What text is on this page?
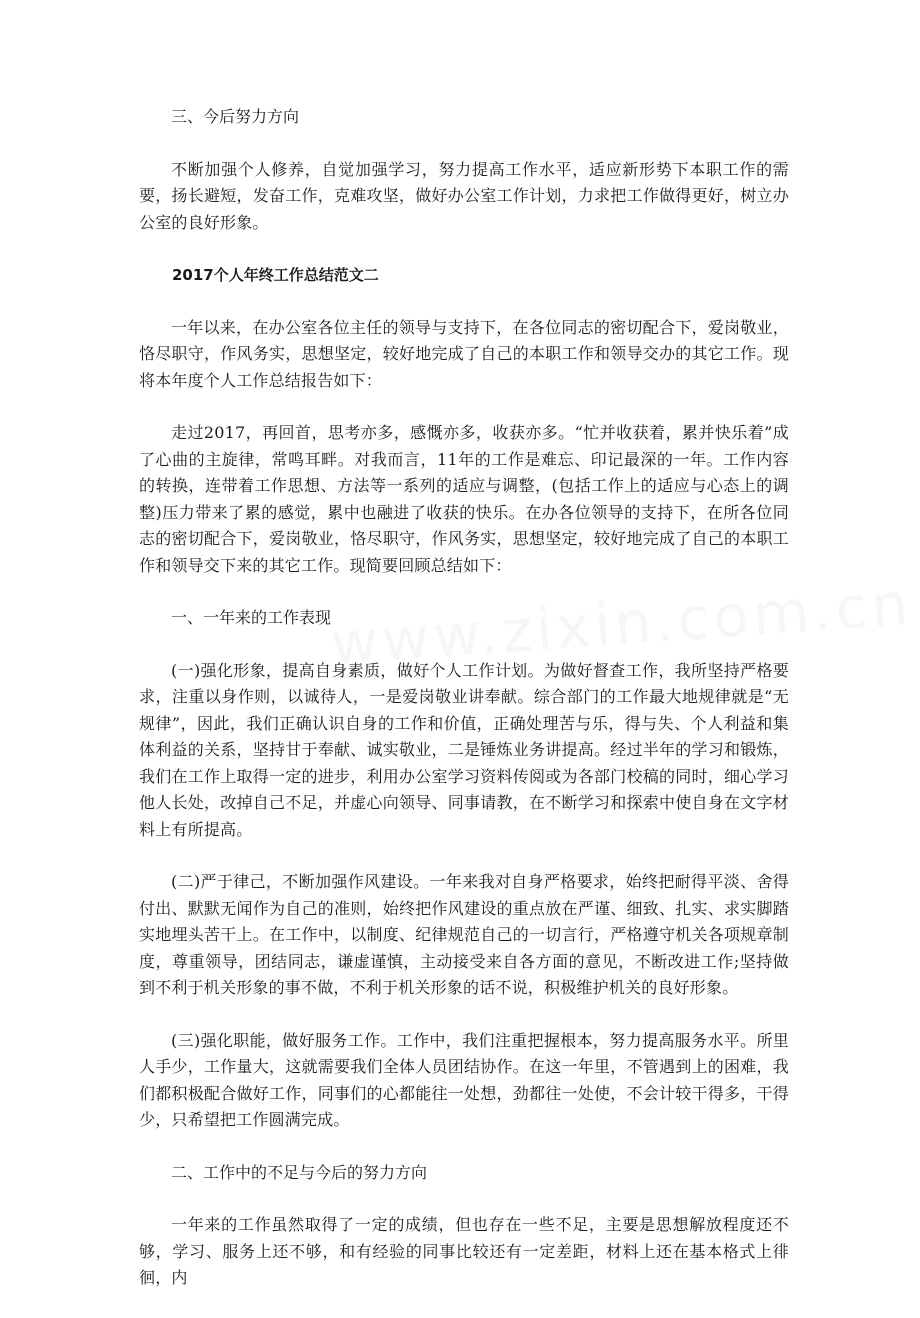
三、今后努力方向
不断加强个人修养，自觉加强学习，努力提高工作水平，适应新形势下本职工作的需要，扬长避短，发奋工作，克难攻坚，做好办公室工作计划，力求把工作做得更好，树立办公室的良好形象。
2017个人年终工作总结范文二
一年以来，在办公室各位主任的领导与支持下，在各位同志的密切配合下，爱岗敬业，恪尽职守，作风务实，思想坚定，较好地完成了自己的本职工作和领导交办的其它工作。现将本年度个人工作总结报告如下：
走过2017，再回首，思考亦多，感慨亦多，收获亦多。“忙并收获着，累并快乐着”成了心曲的主旋律，常鸣耳畔。对我而言，11年的工作是难忘、印记最深的一年。工作内容的转换，连带着工作思想、方法等一系列的适应与调整，(包括工作上的适应与心态上的调整)压力带来了累的感觉，累中也融进了收获的快乐。在办各位领导的支持下，在所各位同志的密切配合下，爱岗敬业，恪尽职守，作风务实，思想坚定，较好地完成了自己的本职工作和领导交下来的其它工作。现简要回顾总结如下：
一、一年来的工作表现
(一)强化形象，提高自身素质，做好个人工作计划。为做好督查工作，我所坚持严格要求，注重以身作则，以诚待人，一是爱岗敬业讲奉献。综合部门的工作最大地规律就是“无规律”，因此，我们正确认识自身的工作和价值，正确处理苦与乐，得与失、个人利益和集体利益的关系，坚持甘于奉献、诚实敬业，二是锤炼业务讲提高。经过半年的学习和锻炼，我们在工作上取得一定的进步，利用办公室学习资料传阅或为各部门校稿的同时，细心学习他人长处，改掉自己不足，并虚心向领导、同事请教，在不断学习和探索中使自身在文字材料上有所提高。
(二)严于律己，不断加强作风建设。一年来我对自身严格要求，始终把耐得平淡、舍得付出、默默无闻作为自己的准则，始终把作风建设的重点放在严谨、细致、扎实、求实脚踏实地埋头苦干上。在工作中，以制度、纪律规范自己的一切言行，严格遵守机关各项规章制度，尊重领导，团结同志，谦虚谨慎，主动接受来自各方面的意见，不断改进工作;坚持做到不利于机关形象的事不做，不利于机关形象的话不说，积极维护机关的良好形象。
(三)强化职能，做好服务工作。工作中，我们注重把握根本，努力提高服务水平。所里人手少，工作量大，这就需要我们全体人员团结协作。在这一年里，不管遇到上的困难，我们都积极配合做好工作，同事们的心都能往一处想，劲都往一处使，不会计较干得多，干得少，只希望把工作圆满完成。
二、工作中的不足与今后的努力方向
一年来的工作虽然取得了一定的成绩，但也存在一些不足，主要是思想解放程度还不够，学习、服务上还不够，和有经验的同事比较还有一定差距，材料上还在基本格式上徘徊，内
